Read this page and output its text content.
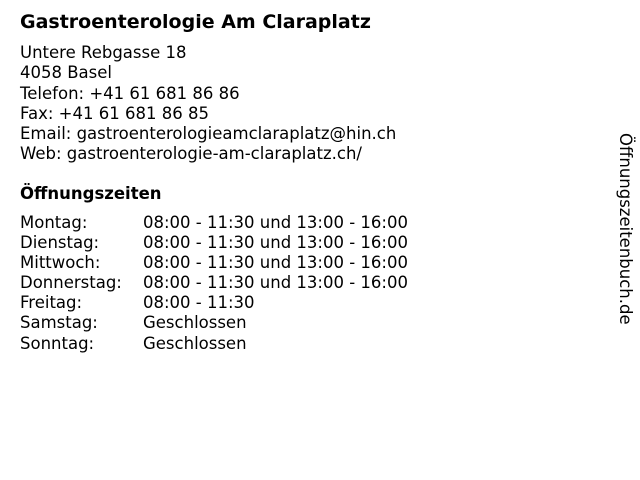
Gastroenterologie Am Claraplatz
Untere Rebgasse 18
4058 Basel
Telefon: +41 61 681 86 86
Fax: +41 61 681 86 85
Email: gastroenterologieamclaraplatz@hin.ch
Web: gastroenterologie-am-claraplatz.ch/
Öffnungszeiten
Montag:	08:00 - 11:30 und 13:00 - 16:00
Dienstag:	08:00 - 11:30 und 13:00 - 16:00
Mittwoch:	08:00 - 11:30 und 13:00 - 16:00
Donnerstag: 08:00 - 11:30 und 13:00 - 16:00
Freitag:	08:00 - 11:30
Samstag:	Geschlossen
Sonntag:	Geschlossen
Öffnungszeitenbuch.de
